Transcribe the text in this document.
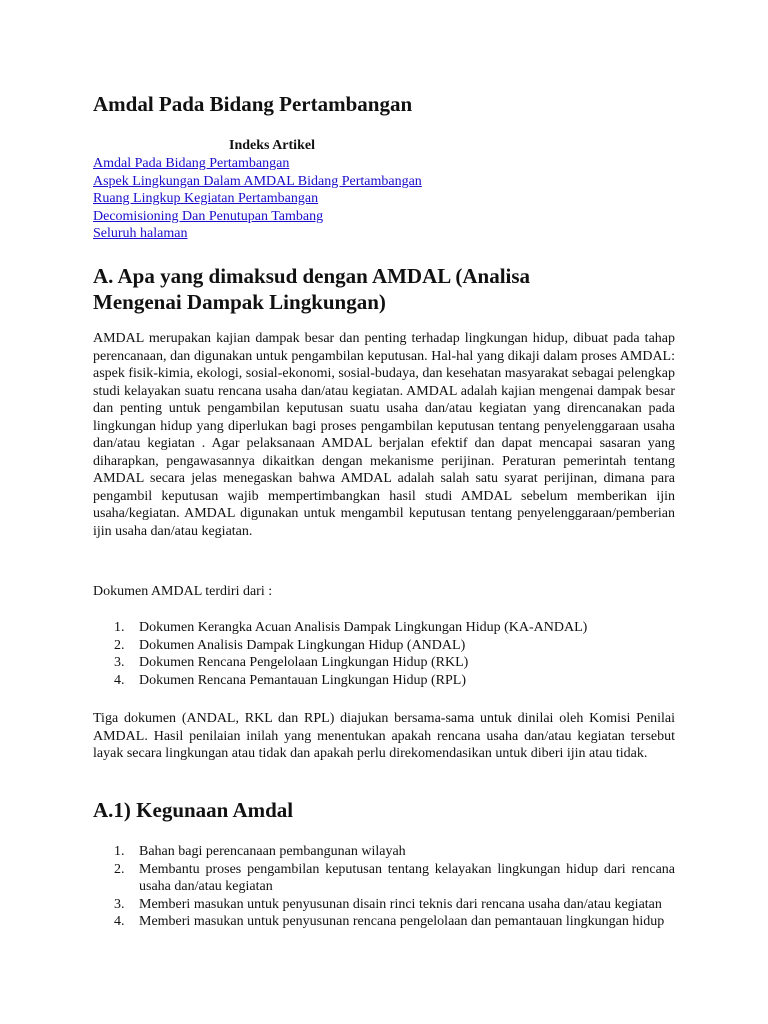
Amdal Pada Bidang Pertambangan
Indeks Artikel
Amdal Pada Bidang Pertambangan
Aspek Lingkungan Dalam AMDAL Bidang Pertambangan
Ruang Lingkup Kegiatan Pertambangan
Decomisioning Dan Penutupan Tambang
Seluruh halaman
A. Apa yang dimaksud dengan AMDAL (Analisa Mengenai Dampak Lingkungan)

AMDAL merupakan kajian dampak besar dan penting terhadap lingkungan hidup, dibuat pada tahap perencanaan, dan digunakan untuk pengambilan keputusan. Hal-hal yang dikaji dalam proses AMDAL: aspek fisik-kimia, ekologi, sosial-ekonomi, sosial-budaya, dan kesehatan masyarakat sebagai pelengkap studi kelayakan suatu rencana usaha dan/atau kegiatan. AMDAL adalah kajian mengenai dampak besar dan penting untuk pengambilan keputusan suatu usaha dan/atau kegiatan yang direncanakan pada lingkungan hidup yang diperlukan bagi proses pengambilan keputusan tentang penyelenggaraan usaha dan/atau kegiatan . Agar pelaksanaan AMDAL berjalan efektif dan dapat mencapai sasaran yang diharapkan, pengawasannya dikaitkan dengan mekanisme perijinan. Peraturan pemerintah tentang AMDAL secara jelas menegaskan bahwa AMDAL adalah salah satu syarat perijinan, dimana para pengambil keputusan wajib mempertimbangkan hasil studi AMDAL sebelum memberikan ijin usaha/kegiatan. AMDAL digunakan untuk mengambil keputusan tentang penyelenggaraan/pemberian ijin usaha dan/atau kegiatan.

Dokumen AMDAL terdiri dari :

1. Dokumen Kerangka Acuan Analisis Dampak Lingkungan Hidup (KA-ANDAL)
2. Dokumen Analisis Dampak Lingkungan Hidup (ANDAL)
3. Dokumen Rencana Pengelolaan Lingkungan Hidup (RKL)
4. Dokumen Rencana Pemantauan Lingkungan Hidup (RPL)

Tiga dokumen (ANDAL, RKL dan RPL) diajukan bersama-sama untuk dinilai oleh Komisi Penilai AMDAL. Hasil penilaian inilah yang menentukan apakah rencana usaha dan/atau kegiatan tersebut layak secara lingkungan atau tidak dan apakah perlu direkomendasikan untuk diberi ijin atau tidak.

A.1) Kegunaan Amdal
1. Bahan bagi perencanaan pembangunan wilayah
2. Membantu proses pengambilan keputusan tentang kelayakan lingkungan hidup dari rencana usaha dan/atau kegiatan
3. Memberi masukan untuk penyusunan disain rinci teknis dari rencana usaha dan/atau kegiatan
4. Memberi masukan untuk penyusunan rencana pengelolaan dan pemantauan lingkungan hidup
